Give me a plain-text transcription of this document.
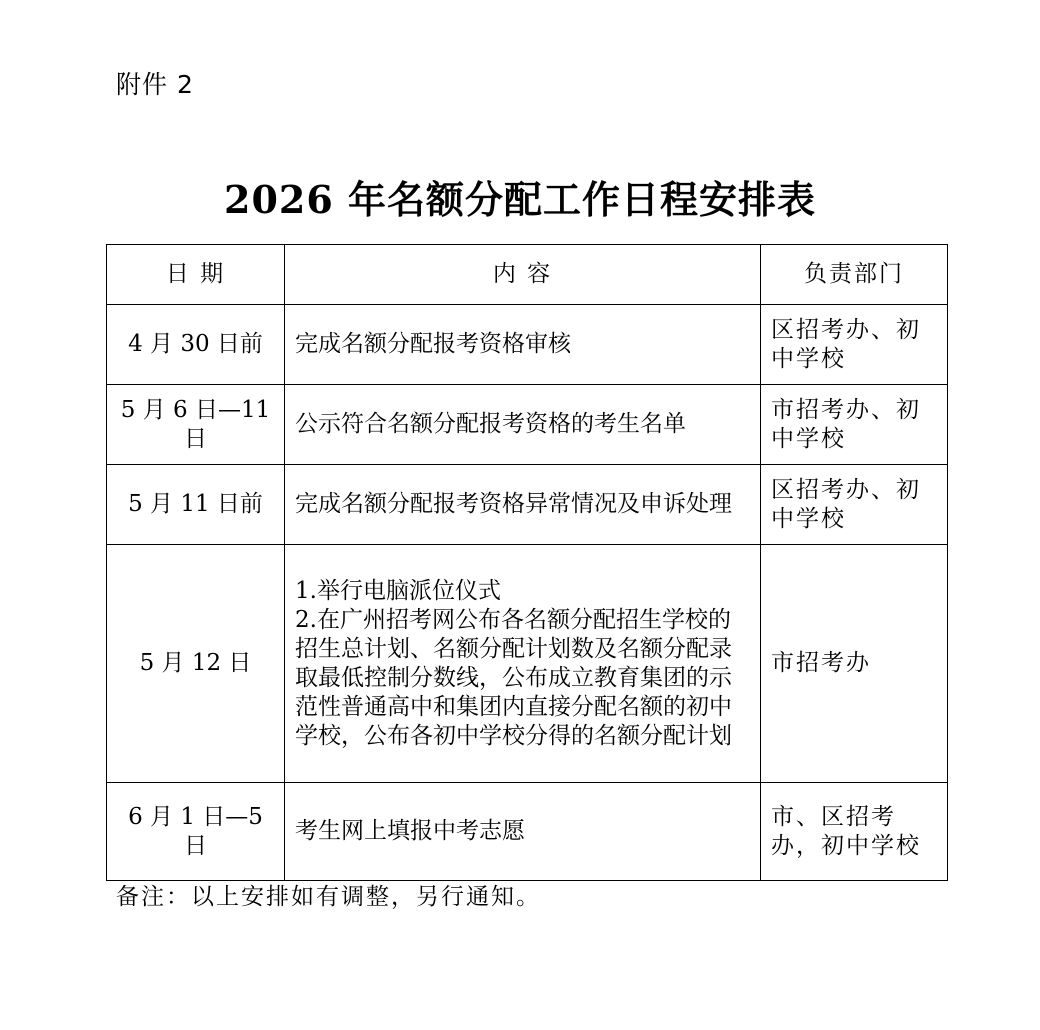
附件 2
2026 年名额分配工作日程安排表
日 期	内 容	负责部门
4 月 30 日前	完成名额分配报考资格审核	区招考办、初中学校
5 月 6 日—11 日	公示符合名额分配报考资格的考生名单	市招考办、初中学校
5 月 11 日前	完成名额分配报考资格异常情况及申诉处理	区招考办、初中学校
5 月 12 日	1.举行电脑派位仪式
2.在广州招考网公布各名额分配招生学校的招生总计划、名额分配计划数及名额分配录取最低控制分数线，公布成立教育集团的示范性普通高中和集团内直接分配名额的初中学校，公布各初中学校分得的名额分配计划	市招考办
6 月 1 日—5 日	考生网上填报中考志愿	市、区招考办，初中学校
备注：以上安排如有调整，另行通知。
